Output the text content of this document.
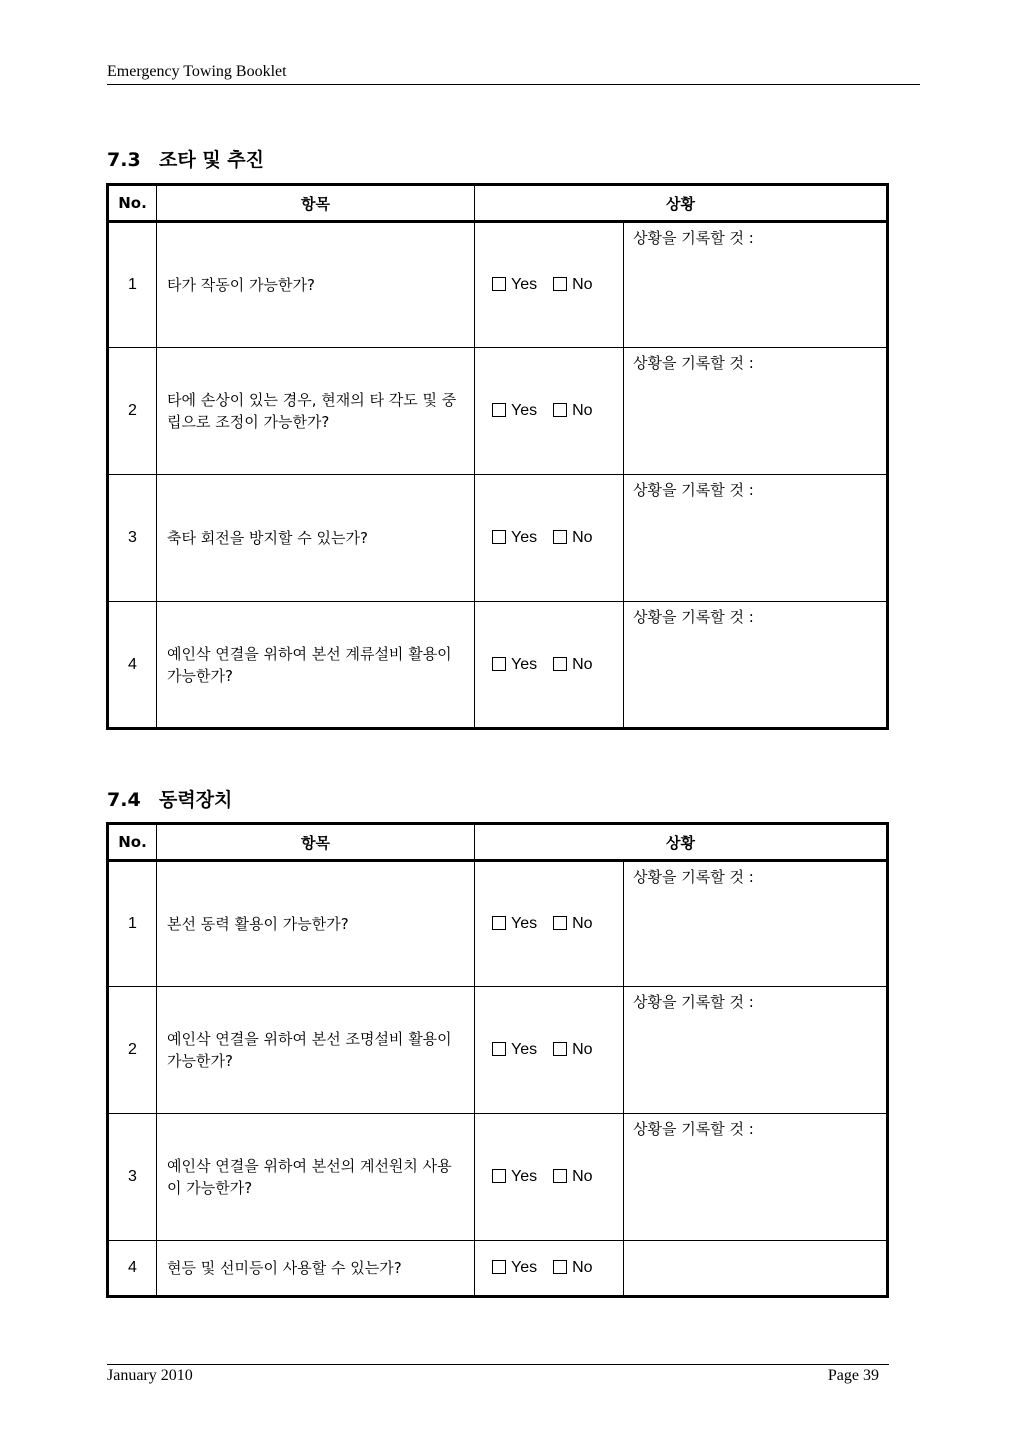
Emergency Towing Booklet
7.3 조타 및 추진
No.	항목	상황	
1	타가 작동이 가능한가?	Yes No	상황을 기록할 것 :
2	타에 손상이 있는 경우, 현재의 타 각도 및 중립으로 조정이 가능한가?	Yes No	상황을 기록할 것 :
3	축타 회전을 방지할 수 있는가?	Yes No	상황을 기록할 것 :
4	예인삭 연결을 위하여 본선 계류설비 활용이 가능한가?	Yes No	상황을 기록할 것 :
7.4 동력장치
No.	항목	상황	
1	본선 동력 활용이 가능한가?	Yes No	상황을 기록할 것 :
2	예인삭 연결을 위하여 본선 조명설비 활용이 가능한가?	Yes No	상황을 기록할 것 :
3	예인삭 연결을 위하여 본선의 계선원치 사용이 가능한가?	Yes No	상황을 기록할 것 :
4	현등 및 선미등이 사용할 수 있는가?	Yes No	
January 2010	Page 39
